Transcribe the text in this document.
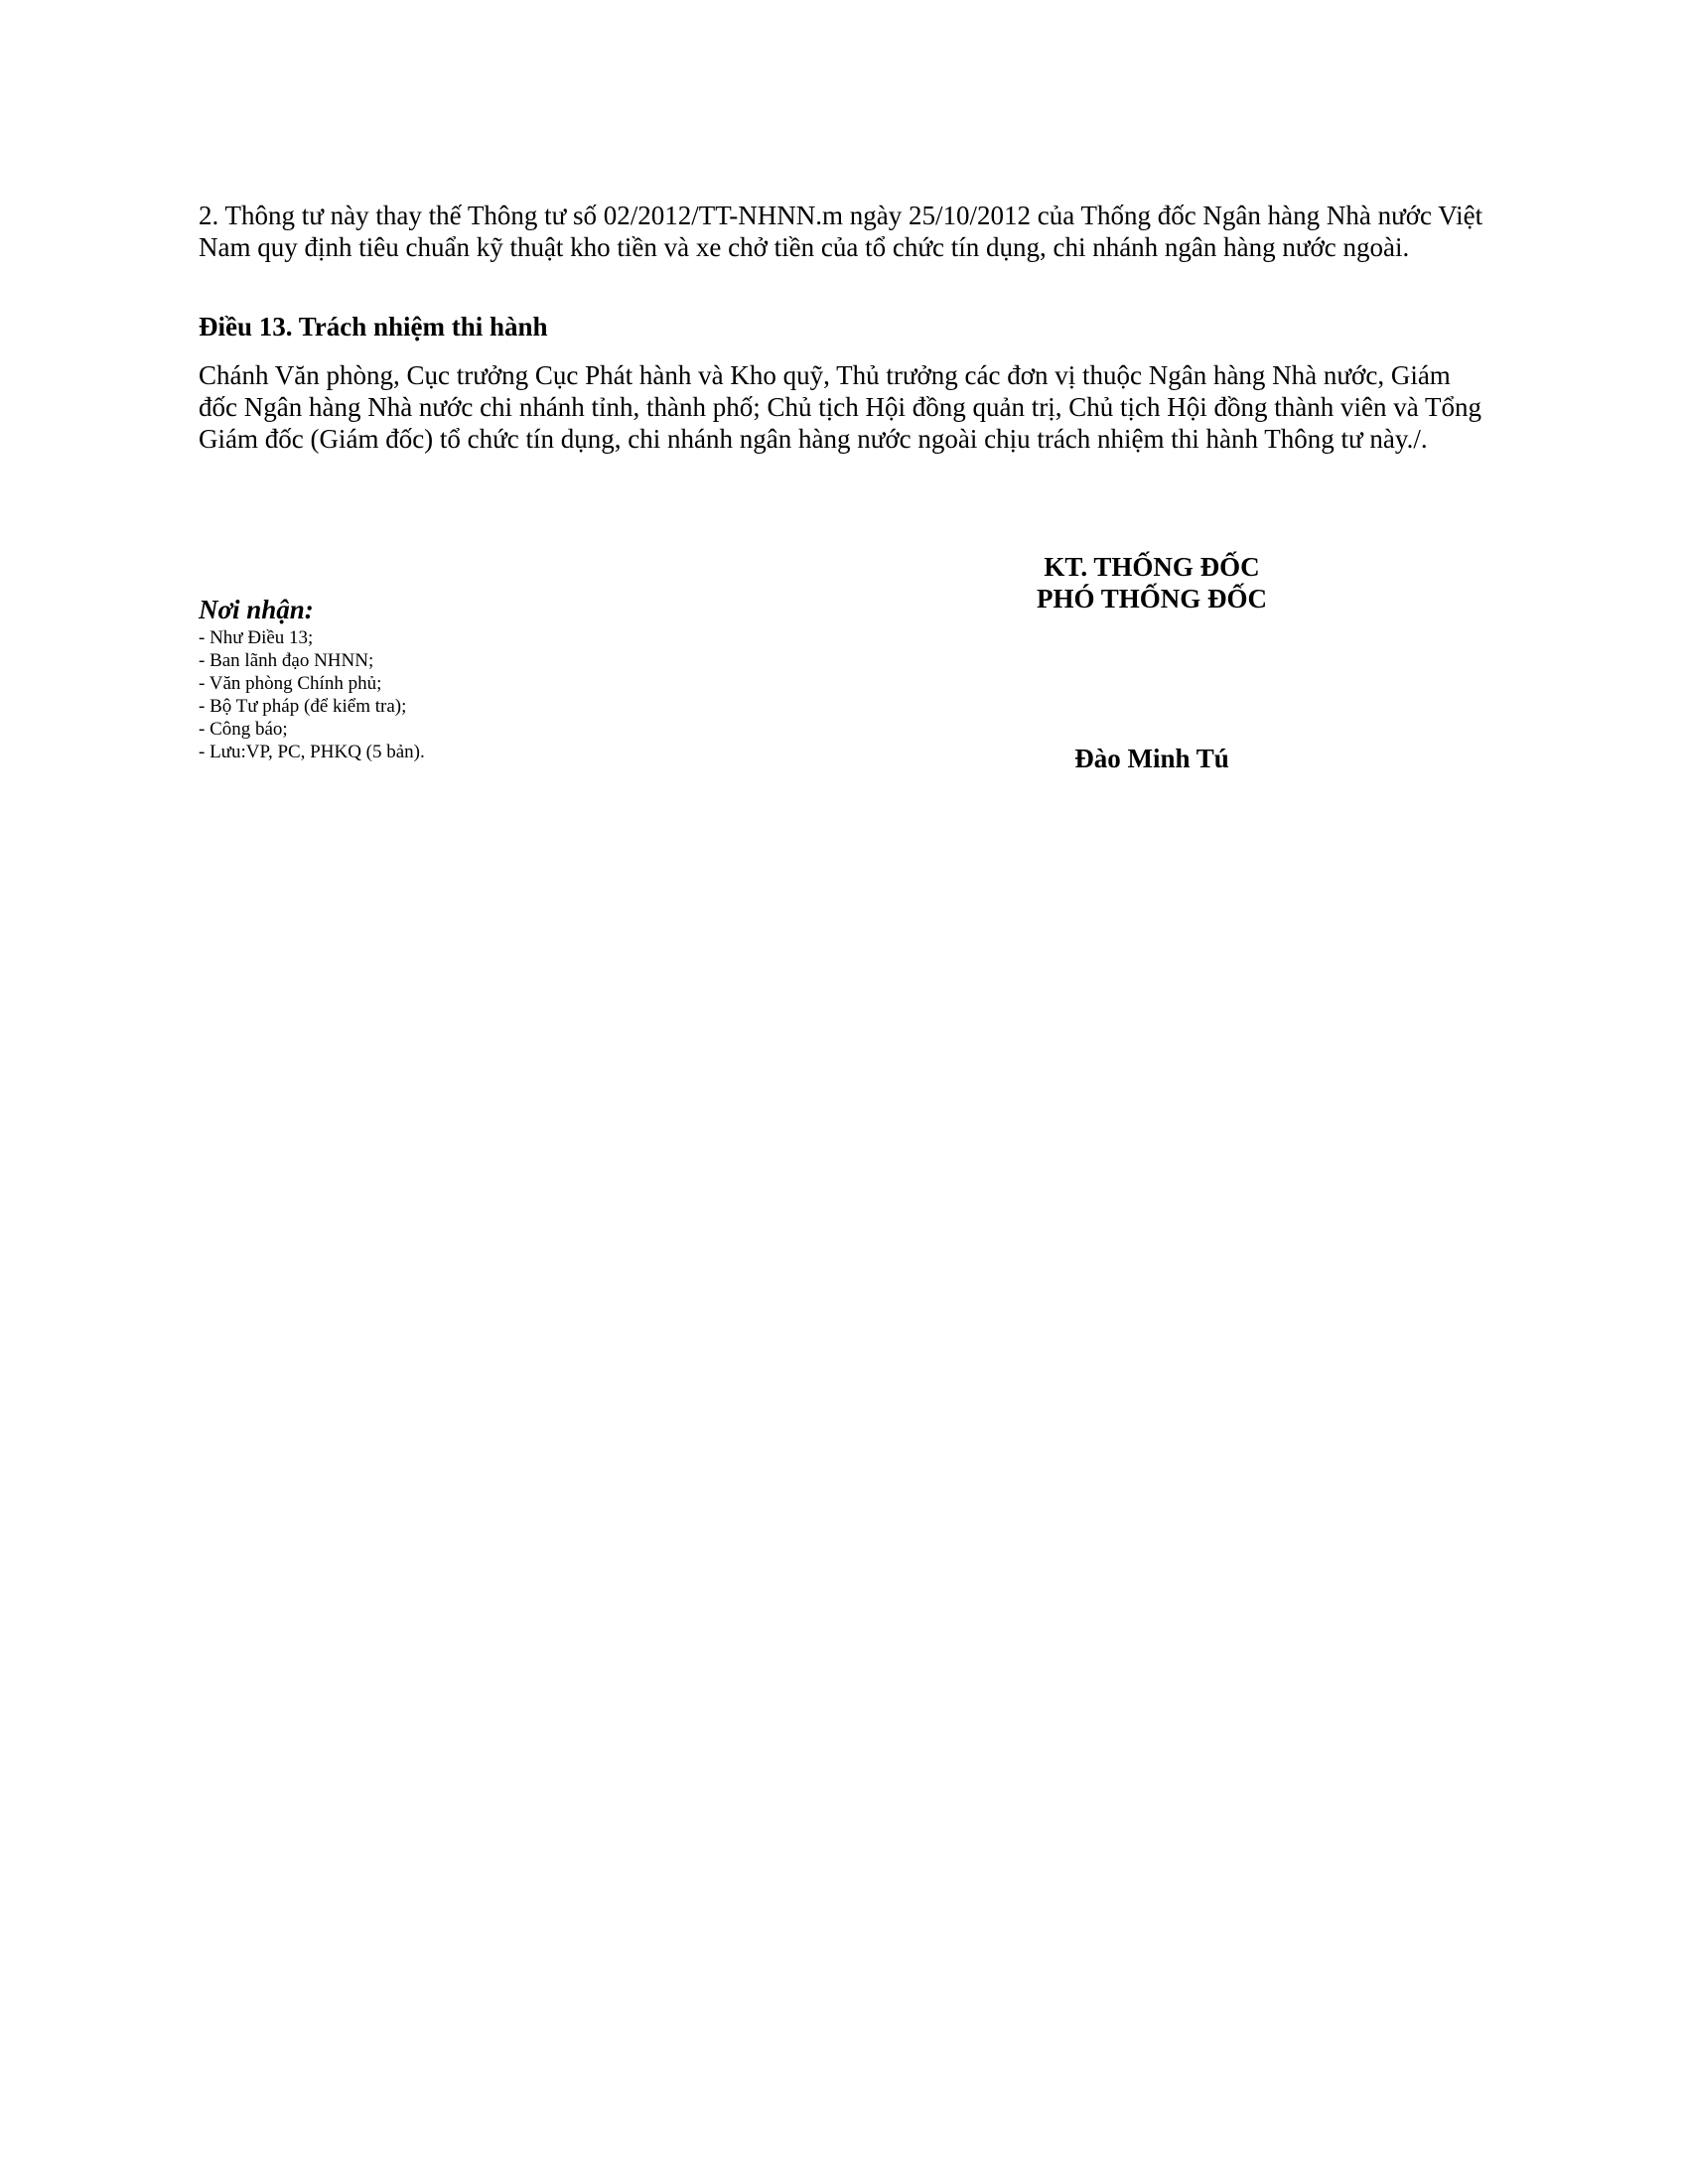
2. Thông tư này thay thế Thông tư số 02/2012/TT-NHNN.m ngày 25/10/2012 của Thống đốc Ngân hàng Nhà nước Việt Nam quy định tiêu chuẩn kỹ thuật kho tiền và xe chở tiền của tổ chức tín dụng, chi nhánh ngân hàng nước ngoài.

Điều 13. Trách nhiệm thi hành

Chánh Văn phòng, Cục trưởng Cục Phát hành và Kho quỹ, Thủ trưởng các đơn vị thuộc Ngân hàng Nhà nước, Giám đốc Ngân hàng Nhà nước chi nhánh tỉnh, thành phố; Chủ tịch Hội đồng quản trị, Chủ tịch Hội đồng thành viên và Tổng Giám đốc (Giám đốc) tổ chức tín dụng, chi nhánh ngân hàng nước ngoài chịu trách nhiệm thi hành Thông tư này./.

KT. THỐNG ĐỐC
PHÓ THỐNG ĐỐC
Nơi nhận:
- Như Điều 13;
- Ban lãnh đạo NHNN;
- Văn phòng Chính phủ;
- Bộ Tư pháp (để kiểm tra);
- Công báo;
- Lưu:VP, PC, PHKQ (5 bản).	Đào Minh Tú
